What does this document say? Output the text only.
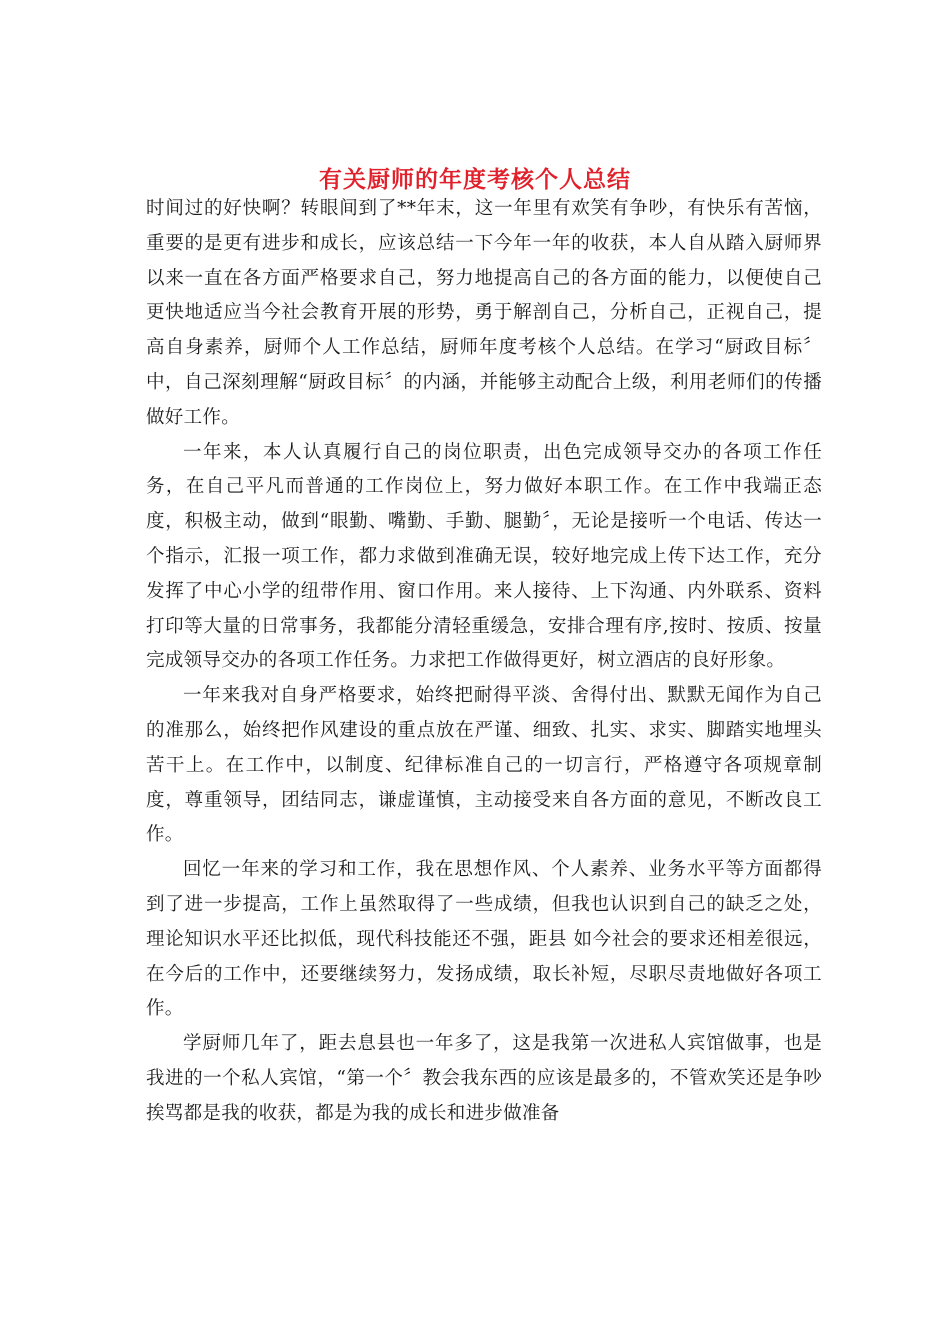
有关厨师的年度考核个人总结

时间过的好快啊？转眼间到了**年末，这一年里有欢笑有争吵，有快乐有苦恼，重要的是更有进步和成长，应该总结一下今年一年的收获，本人自从踏入厨师界以来一直在各方面严格要求自己，努力地提高自己的各方面的能力，以便使自己更快地适应当今社会教育开展的形势，勇于解剖自己，分析自己，正视自己，提高自身素养，厨师个人工作总结，厨师年度考核个人总结。在学习“厨政目标〞中，自己深刻理解“厨政目标〞的内涵，并能够主动配合上级，利用老师们的传播做好工作。

一年来，本人认真履行自己的岗位职责，出色完成领导交办的各项工作任务，在自己平凡而普通的工作岗位上，努力做好本职工作。在工作中我端正态度，积极主动，做到“眼勤、嘴勤、手勤、腿勤〞，无论是接听一个电话、传达一个指示，汇报一项工作，都力求做到准确无误，较好地完成上传下达工作，充分发挥了中心小学的纽带作用、窗口作用。来人接待、上下沟通、内外联系、资料打印等大量的日常事务，我都能分清轻重缓急，安排合理有序,按时、按质、按量完成领导交办的各项工作任务。力求把工作做得更好，树立酒店的良好形象。

一年来我对自身严格要求，始终把耐得平淡、舍得付出、默默无闻作为自己的准那么，始终把作风建设的重点放在严谨、细致、扎实、求实、脚踏实地埋头苦干上。在工作中，以制度、纪律标准自己的一切言行，严格遵守各项规章制度，尊重领导，团结同志，谦虚谨慎，主动接受来自各方面的意见，不断改良工作。

回忆一年来的学习和工作，我在思想作风、个人素养、业务水平等方面都得到了进一步提高，工作上虽然取得了一些成绩，但我也认识到自己的缺乏之处，理论知识水平还比拟低，现代科技能还不强，距县 如今社会的要求还相差很远，在今后的工作中，还要继续努力，发扬成绩，取长补短，尽职尽责地做好各项工作。

学厨师几年了，距去息县也一年多了，这是我第一次进私人宾馆做事，也是我进的一个私人宾馆，“第一个〞教会我东西的应该是最多的，不管欢笑还是争吵挨骂都是我的收获，都是为我的成长和进步做准备
